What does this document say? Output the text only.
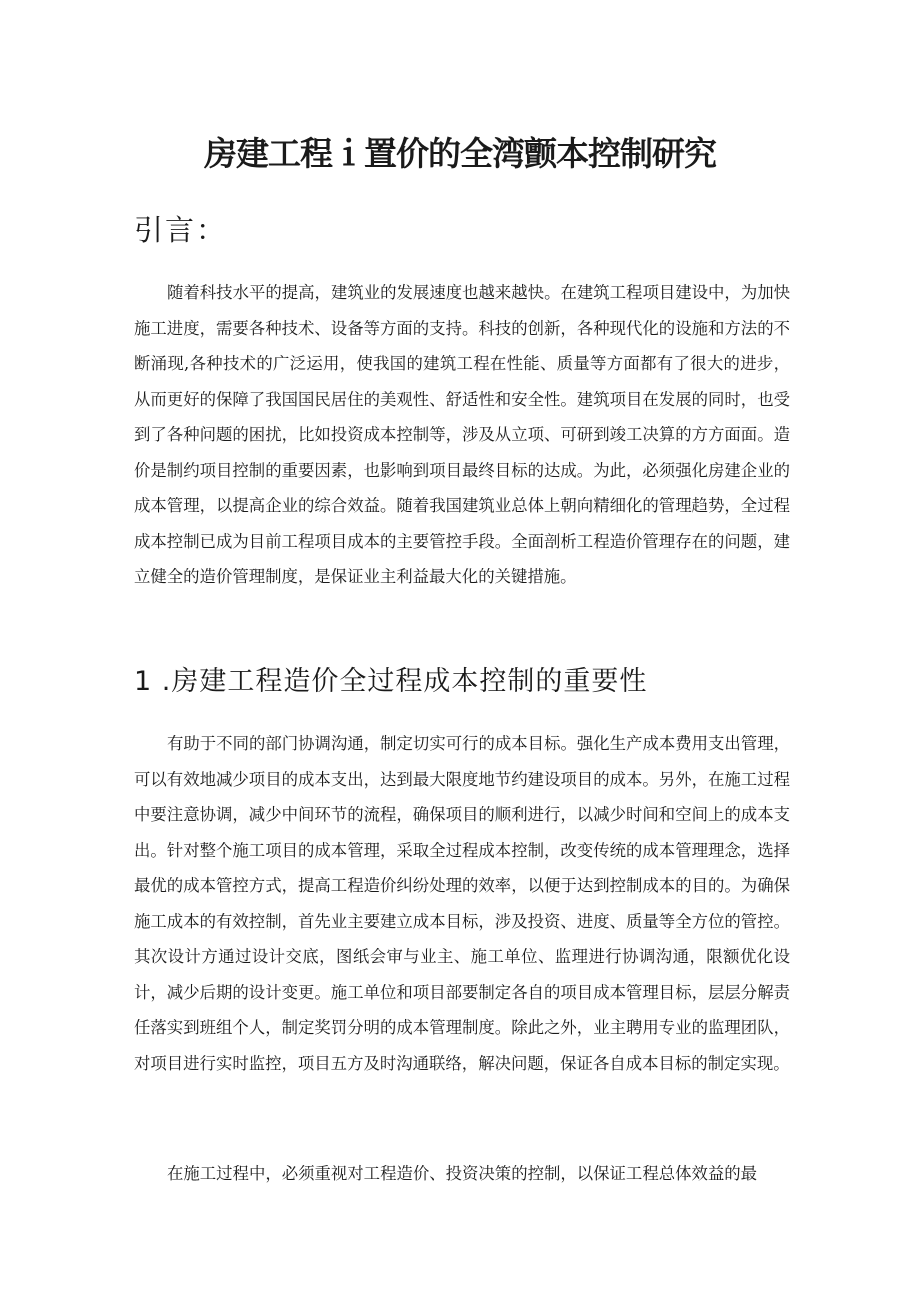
房建工程ｉ置价的全湾颤本控制研究
引言：

随着科技水平的提高，建筑业的发展速度也越来越快。在建筑工程项目建设中，为加快施工进度，需要各种技术、设备等方面的支持。科技的创新，各种现代化的设施和方法的不断涌现,各种技术的广泛运用，使我国的建筑工程在性能、质量等方面都有了很大的进步，从而更好的保障了我国国民居住的美观性、舒适性和安全性。建筑项目在发展的同时，也受到了各种问题的困扰，比如投资成本控制等，涉及从立项、可研到竣工决算的方方面面。造价是制约项目控制的重要因素，也影响到项目最终目标的达成。为此，必须强化房建企业的成本管理，以提高企业的综合效益。随着我国建筑业总体上朝向精细化的管理趋势，全过程成本控制已成为目前工程项目成本的主要管控手段。全面剖析工程造价管理存在的问题，建立健全的造价管理制度，是保证业主利益最大化的关键措施。

1 .房建工程造价全过程成本控制的重要性

有助于不同的部门协调沟通，制定切实可行的成本目标。强化生产成本费用支出管理，可以有效地减少项目的成本支出，达到最大限度地节约建设项目的成本。另外，在施工过程中要注意协调，减少中间环节的流程，确保项目的顺利进行，以减少时间和空间上的成本支出。针对整个施工项目的成本管理，采取全过程成本控制，改变传统的成本管理理念，选择最优的成本管控方式，提高工程造价纠纷处理的效率，以便于达到控制成本的目的。为确保施工成本的有效控制，首先业主要建立成本目标，涉及投资、进度、质量等全方位的管控。其次设计方通过设计交底，图纸会审与业主、施工单位、监理进行协调沟通，限额优化设计，减少后期的设计变更。施工单位和项目部要制定各自的项目成本管理目标，层层分解责任落实到班组个人，制定奖罚分明的成本管理制度。除此之外，业主聘用专业的监理团队，对项目进行实时监控，项目五方及时沟通联络，解决问题，保证各自成本目标的制定实现。

在施工过程中，必须重视对工程造价、投资决策的控制，以保证工程总体效益的最
